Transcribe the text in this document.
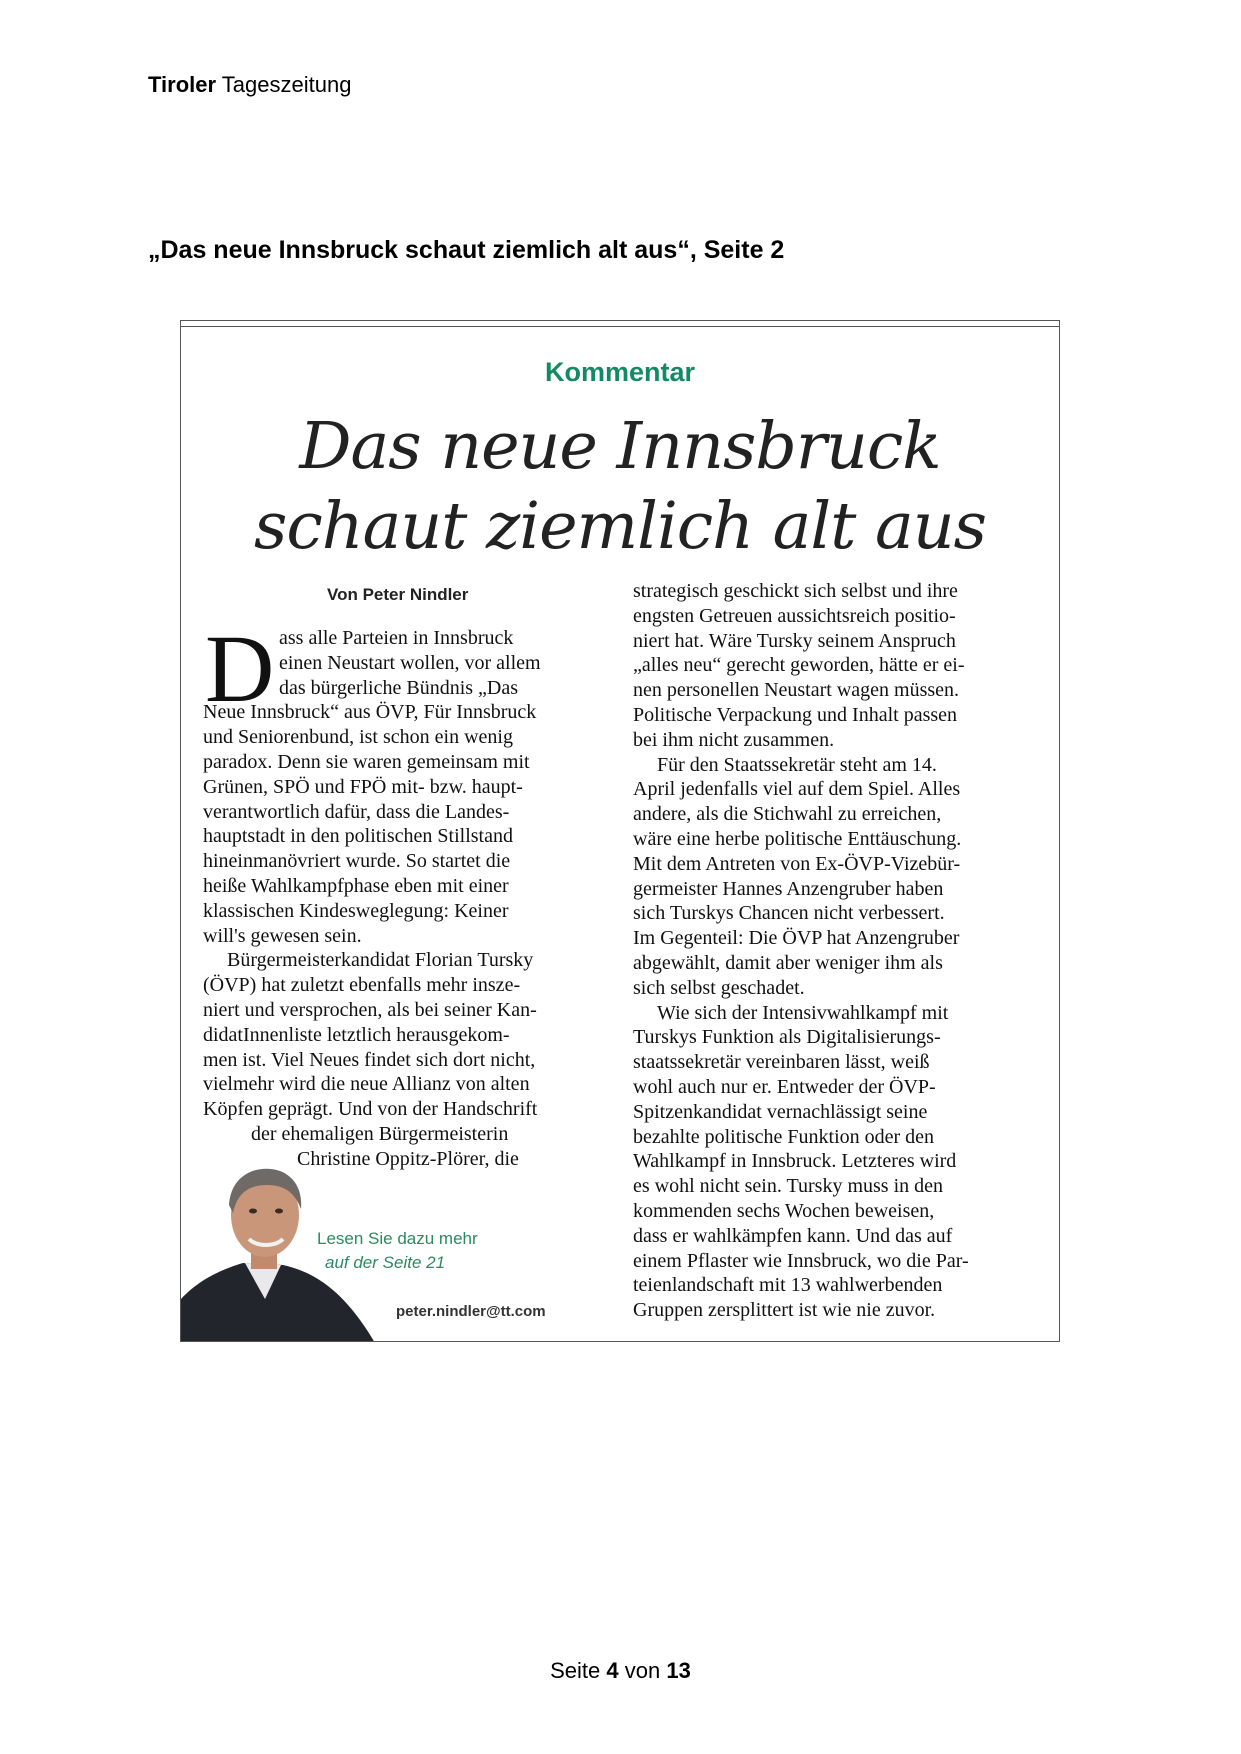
Tiroler Tageszeitung
„Das neue Innsbruck schaut ziemlich alt aus“, Seite 2
Kommentar
Das neue Innsbruck
schaut ziemlich alt aus
Von Peter Nindler
D ass alle Parteien in Innsbruck
einen Neustart wollen, vor allem
das bürgerliche Bündnis „Das
Neue Innsbruck“ aus ÖVP, Für Innsbruck
und Seniorenbund, ist schon ein wenig
paradox. Denn sie waren gemeinsam mit
Grünen, SPÖ und FPÖ mit- bzw. haupt-
verantwortlich dafür, dass die Landes-
hauptstadt in den politischen Stillstand
hineinmanövriert wurde. So startet die
heiße Wahlkampfphase eben mit einer
klassischen Kindesweglegung: Keiner
will's gewesen sein.
Bürgermeisterkandidat Florian Tursky
(ÖVP) hat zuletzt ebenfalls mehr insze-
niert und versprochen, als bei seiner Kan-
didatInnenliste letztlich herausgekom-
men ist. Viel Neues findet sich dort nicht,
vielmehr wird die neue Allianz von alten
Köpfen geprägt. Und von der Handschrift
der ehemaligen Bürgermeisterin
Christine Oppitz-Plörer, die
strategisch geschickt sich selbst und ihre
engsten Getreuen aussichtsreich positio-
niert hat. Wäre Tursky seinem Anspruch
„alles neu“ gerecht geworden, hätte er ei-
nen personellen Neustart wagen müssen.
Politische Verpackung und Inhalt passen
bei ihm nicht zusammen.
Für den Staatssekretär steht am 14.
April jedenfalls viel auf dem Spiel. Alles
andere, als die Stichwahl zu erreichen,
wäre eine herbe politische Enttäuschung.
Mit dem Antreten von Ex-ÖVP-Vizebür-
germeister Hannes Anzengruber haben
sich Turskys Chancen nicht verbessert.
Im Gegenteil: Die ÖVP hat Anzengruber
abgewählt, damit aber weniger ihm als
sich selbst geschadet.
Wie sich der Intensivwahlkampf mit
Turskys Funktion als Digitalisierungs-
staatssekretär vereinbaren lässt, weiß
wohl auch nur er. Entweder der ÖVP-
Spitzenkandidat vernachlässigt seine
bezahlte politische Funktion oder den
Wahlkampf in Innsbruck. Letzteres wird
es wohl nicht sein. Tursky muss in den
kommenden sechs Wochen beweisen,
dass er wahlkämpfen kann. Und das auf
einem Pflaster wie Innsbruck, wo die Par-
teienlandschaft mit 13 wahlwerbenden
Gruppen zersplittert ist wie nie zuvor.
Lesen Sie dazu mehr
auf der Seite 21
peter.nindler@tt.com
Seite 4 von 13
